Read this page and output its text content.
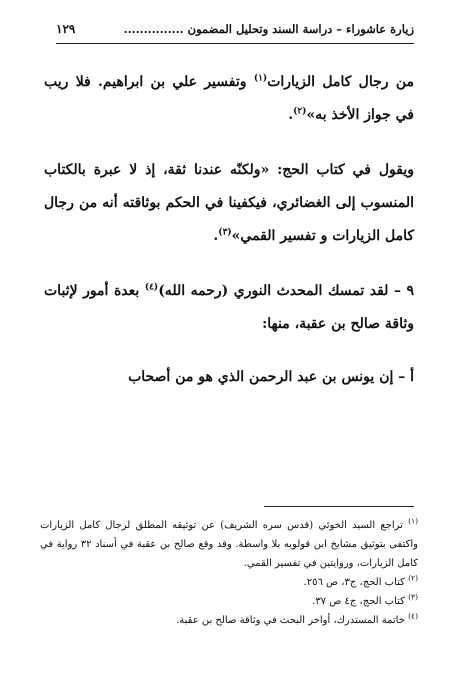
زيارة عاشوراء – دراسة السند وتحليل المضمون ...............
١٢٩

من رجال كامل الزيارات$^{(١)}$ وتفسير علي بن ابراهيم. فلا ريب في جواز الأخذ به»$^{(٢)}$.

ويقول في كتاب الحج: «ولكنّه عندنا ثقة، إذ لا عبرة بالكتاب المنسوب إلى الغضائري، فيكفينا في الحكم بوثاقته أنه من رجال كامل الزيارات و تفسير القمي»$^{(٣)}$.

٩ – لقد تمسك المحدث النوري (رحمه الله)$^{(٤)}$ بعدة أمور لإثبات وثاقة صالح بن عقبة، منها:

أ – إن يونس بن عبد الرحمن الذي هو من أصحاب

$^{(١)}$ تراجع السيد الخوئي (قدس سره الشريف) عن توثيقه المطلق لرجال كامل الزيارات واكتفى بتوثيق مشايخ ابن قولويه بلا واسطة. وقد وقع صالح بن عقبة في أسناد ٣٢ رواية في كامل الزيارات، وروايتين في تفسير القمي.

$^{(٢)}$ كتاب الحج، ج٣، ص ٢٥٦.

$^{(٣)}$ كتاب الحج، ج٤ ص ٣٧.

$^{(٤)}$ خاتمة المستدرك، أواخر البحث في وثاقة صالح بن عقبة.
